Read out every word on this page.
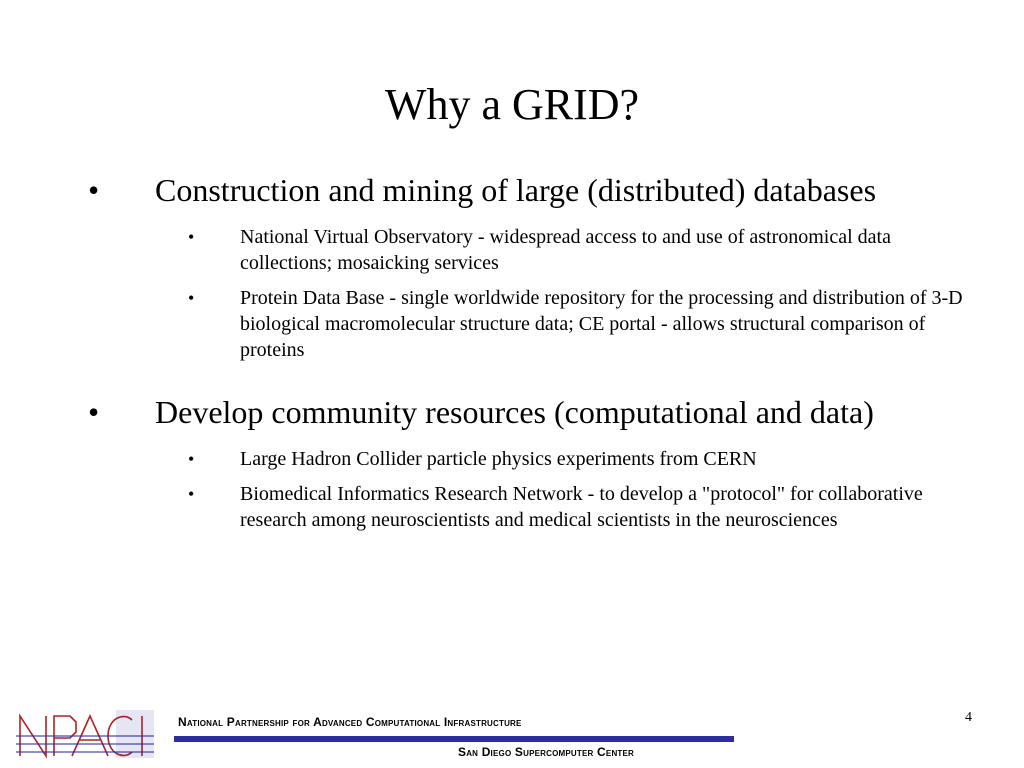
Why a GRID?
• Construction and mining of large (distributed) databases
• National Virtual Observatory - widespread access to and use of astronomical data collections; mosaicking services
• Protein Data Base - single worldwide repository for the processing and distribution of 3-D biological macromolecular structure data; CE portal - allows structural comparison of proteins
• Develop community resources (computational and data)
• Large Hadron Collider particle physics experiments from CERN
• Biomedical Informatics Research Network - to develop a "protocol" for collaborative research among neuroscientists and medical scientists in the neurosciences
4
National Partnership for Advanced Computational Infrastructure
San Diego Supercomputer Center
